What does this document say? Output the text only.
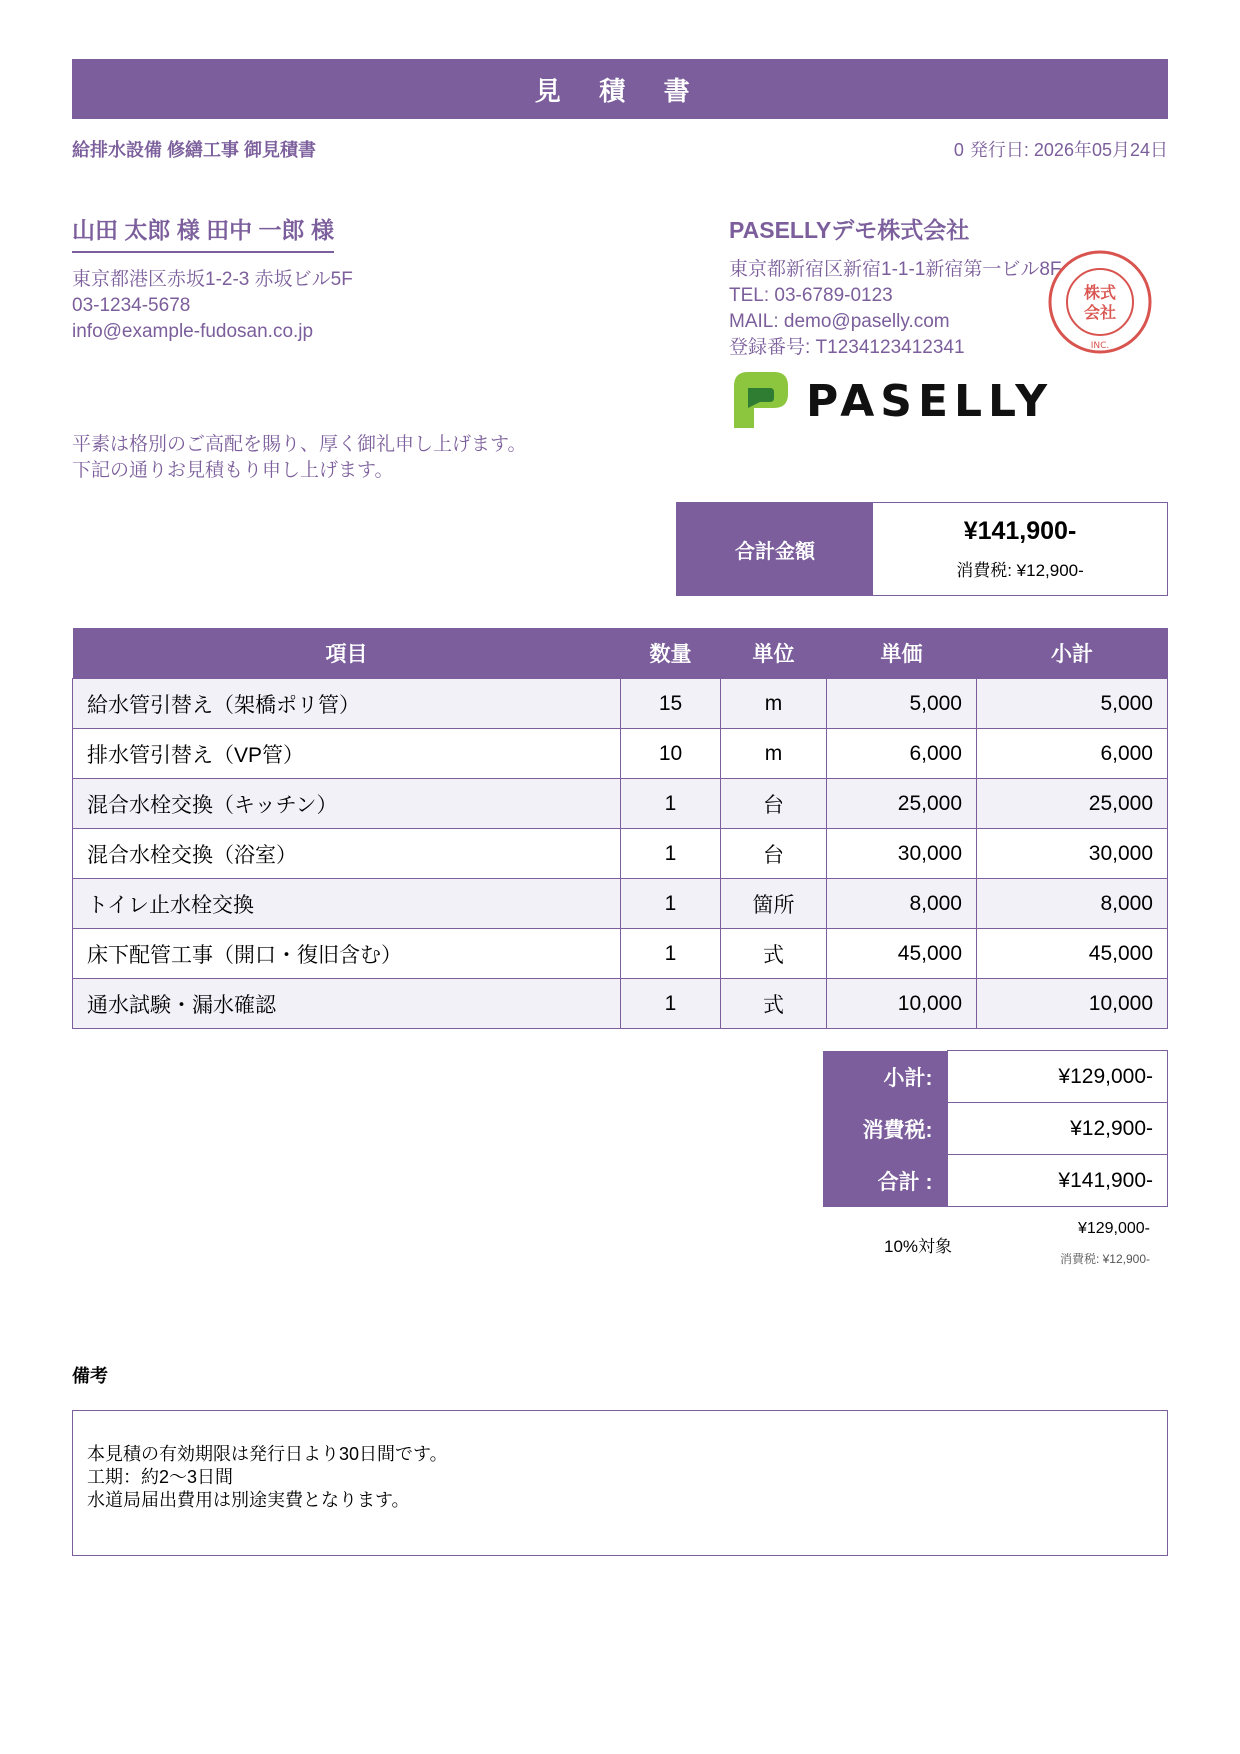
見 積 書
給排水設備 修繕工事 御見積書	0 発行日: 2026年05月24日
山田 太郎 様 田中 一郎 様
東京都港区赤坂1-2-3 赤坂ビル5F
03-1234-5678
info@example-fudosan.co.jp
PASELLYデモ株式会社
東京都新宿区新宿1-1-1新宿第一ビル8F
TEL: 03-6789-0123
MAIL: demo@paselly.com
登録番号: T1234123412341
株式
会社
INC.
PASELLY
平素は格別のご高配を賜り、厚く御礼申し上げます。
下記の通りお見積もり申し上げます。
合計金額
¥141,900-
消費税: ¥12,900-
項目	数量	単位	単価	小計
給水管引替え（架橋ポリ管）	15	m	5,000	5,000
排水管引替え（VP管）	10	m	6,000	6,000
混合水栓交換（キッチン）	1	台	25,000	25,000
混合水栓交換（浴室）	1	台	30,000	30,000
トイレ止水栓交換	1	箇所	8,000	8,000
床下配管工事（開口・復旧含む）	1	式	45,000	45,000
通水試験・漏水確認	1	式	10,000	10,000
小計:	¥129,000-
消費税:	¥12,900-
合計 :	¥141,900-
10%対象
¥129,000-
消費税: ¥12,900-
備考
本見積の有効期限は発行日より30日間です。
工期：約2〜3日間
水道局届出費用は別途実費となります。
